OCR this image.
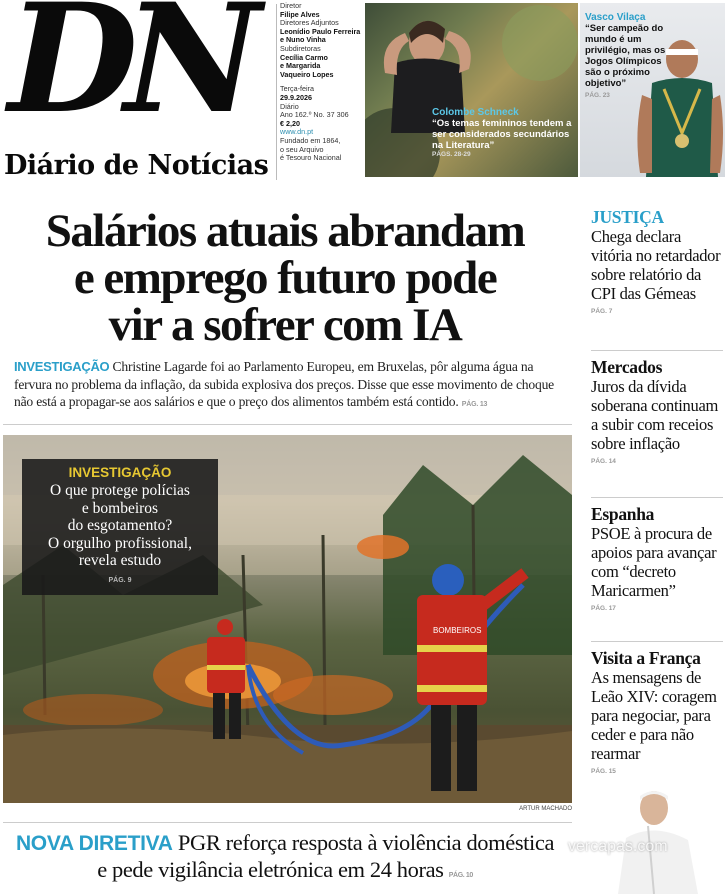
DN
Diário de Notícias
Diretor
Filipe Alves
Diretores Adjuntos
Leonídio Paulo Ferreira
e Nuno Vinha
Subdiretoras
Cecília Carmo
e Margarida
Vaqueiro Lopes
Terça-feira
29.9.2026
Diário
Ano 162.º No. 37 306
€ 2,20
www.dn.pt
Fundado em 1864,
o seu Arquivo
é Tesouro Nacional
Colombe Schneck
“Os temas femininos tendem a ser considerados secundários na Literatura”
PÁGS. 28-29
Vasco Vilaça
“Ser campeão do mundo é um privilégio, mas os Jogos Olímpicos são o próximo objetivo”
PÁG. 23
Salários atuais abrandam
e emprego futuro pode
vir a sofrer com IA
INVESTIGAÇÃO Christine Lagarde foi ao Parlamento Europeu, em Bruxelas, pôr alguma água na fervura no problema da inflação, da subida explosiva dos preços. Disse que esse movimento de choque não está a propagar-se aos salários e que o preço dos alimentos também está contido. PÁG. 13
BOMBEIROS
ARTUR MACHADO
INVESTIGAÇÃO
O que protege polícias
e bombeiros
do esgotamento?
O orgulho profissional,
revela estudo
PÁG. 9
JUSTIÇA
Chega declara vitória no retardador sobre relatório da CPI das Gémeas
PÁG. 7
Mercados
Juros da dívida soberana continuam a subir com receios sobre inflação
PÁG. 14
Espanha
PSOE à procura de apoios para avançar com “decreto Maricarmen”
PÁG. 17
Visita a França
As mensagens de Leão XIV: coragem para negociar, para ceder e para não rearmar
PÁG. 15
NOVA DIRETIVA PGR reforça resposta à violência doméstica
e pede vigilância eletrónica em 24 horas PÁG. 10
vercapas.com
